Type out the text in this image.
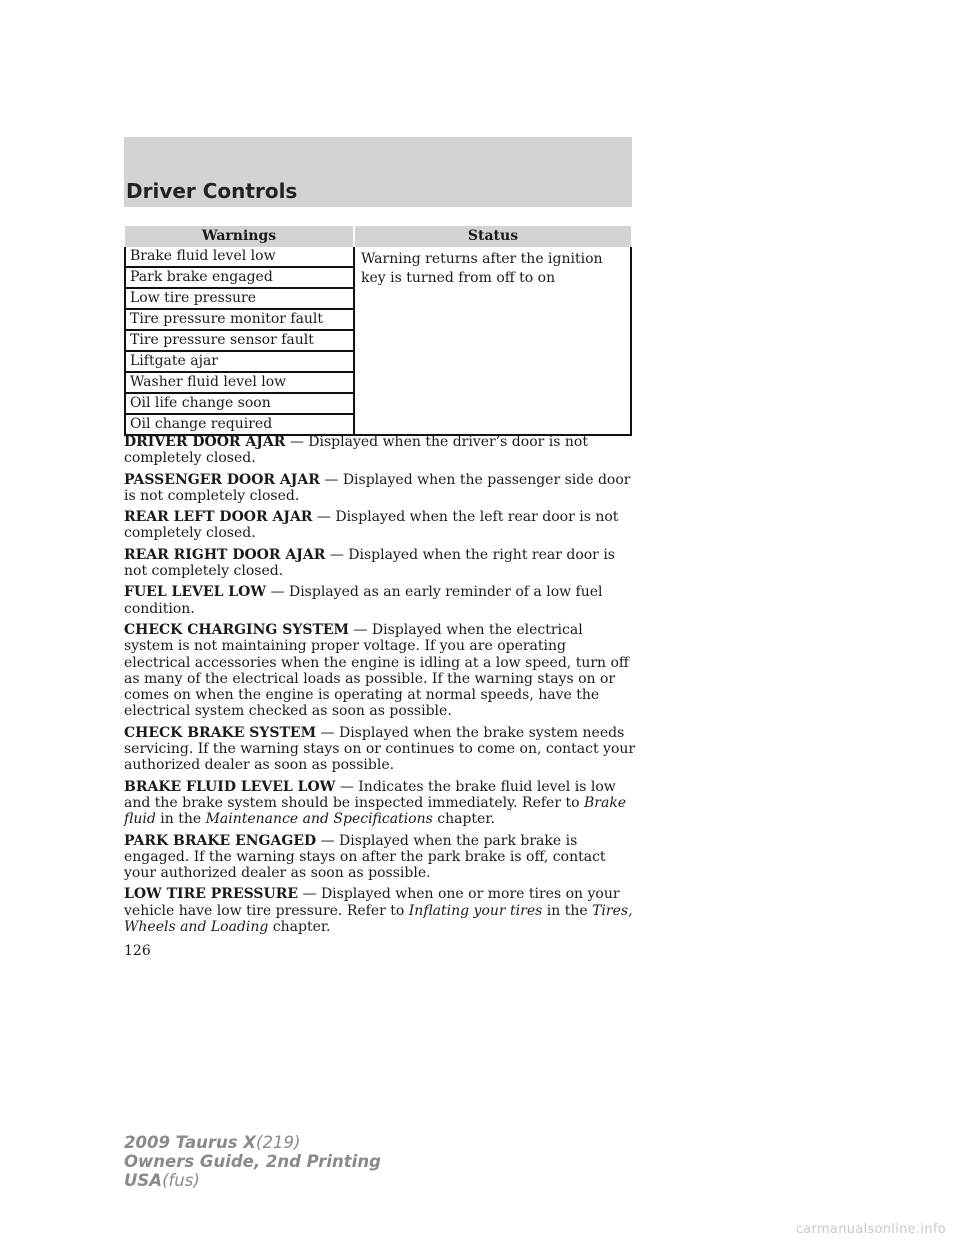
Driver Controls
Warnings	Status
Brake fluid level low	Warning returns after the ignition key is turned from off to on
Park brake engaged	
Low tire pressure	
Tire pressure monitor fault	
Tire pressure sensor fault	
Liftgate ajar	
Washer fluid level low	
Oil life change soon	
Oil change required	

DRIVER DOOR AJAR — Displayed when the driver’s door is not completely closed.

PASSENGER DOOR AJAR — Displayed when the passenger side door is not completely closed.

REAR LEFT DOOR AJAR — Displayed when the left rear door is not completely closed.

REAR RIGHT DOOR AJAR — Displayed when the right rear door is not completely closed.

FUEL LEVEL LOW — Displayed as an early reminder of a low fuel condition.

CHECK CHARGING SYSTEM — Displayed when the electrical system is not maintaining proper voltage. If you are operating electrical accessories when the engine is idling at a low speed, turn off as many of the electrical loads as possible. If the warning stays on or comes on when the engine is operating at normal speeds, have the electrical system checked as soon as possible.

CHECK BRAKE SYSTEM — Displayed when the brake system needs servicing. If the warning stays on or continues to come on, contact your authorized dealer as soon as possible.

BRAKE FLUID LEVEL LOW — Indicates the brake fluid level is low and the brake system should be inspected immediately. Refer to Brake fluid in the Maintenance and Specifications chapter.

PARK BRAKE ENGAGED — Displayed when the park brake is engaged. If the warning stays on after the park brake is off, contact your authorized dealer as soon as possible.

LOW TIRE PRESSURE — Displayed when one or more tires on your vehicle have low tire pressure. Refer to Inflating your tires in the Tires, Wheels and Loading chapter.

126
2009 Taurus X(219)
Owners Guide, 2nd Printing
USA(fus)
carmanualsonline.info
